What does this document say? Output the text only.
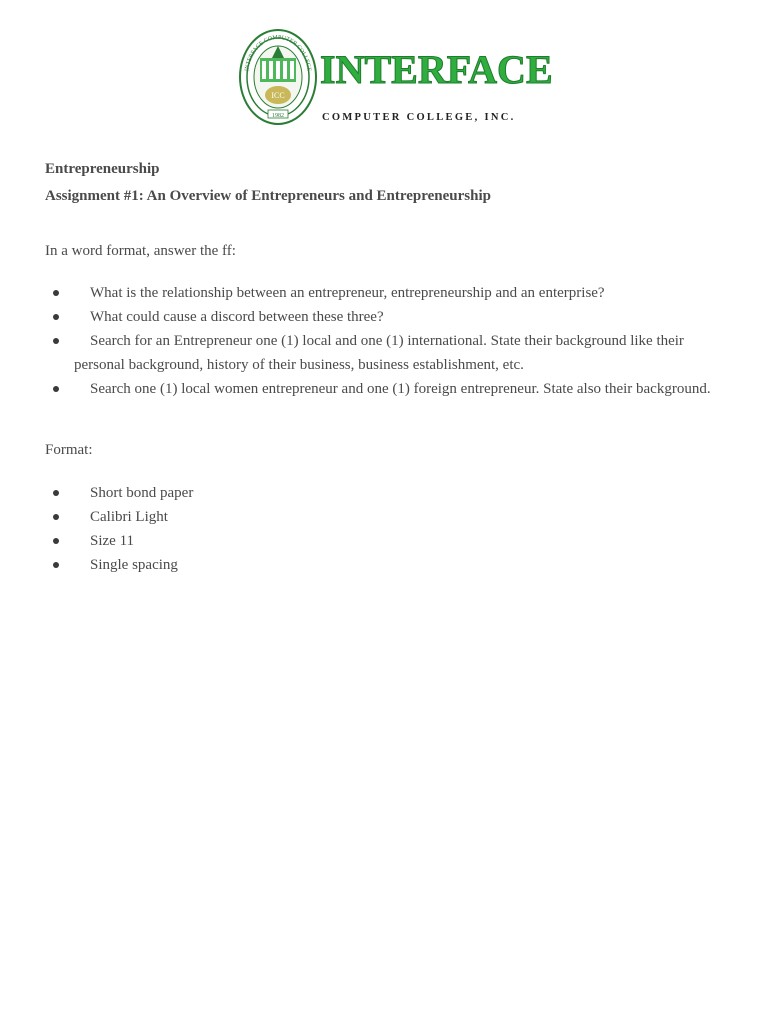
ICC
1982
INTERFACE COMPUTER COLLEGE INTERFACE
COMPUTER COLLEGE, INC.
Entrepreneurship
Assignment #1: An Overview of Entrepreneurs and Entrepreneurship
In a word format, answer the ff:
What is the relationship between an entrepreneur, entrepreneurship and an enterprise?
What could cause a discord between these three?
Search for an Entrepreneur one (1) local and one (1) international. State their background like their personal background, history of their business, business establishment, etc.
Search one (1) local women entrepreneur and one (1) foreign entrepreneur. State also their background.
Format:
Short bond paper
Calibri Light
Size 11
Single spacing
